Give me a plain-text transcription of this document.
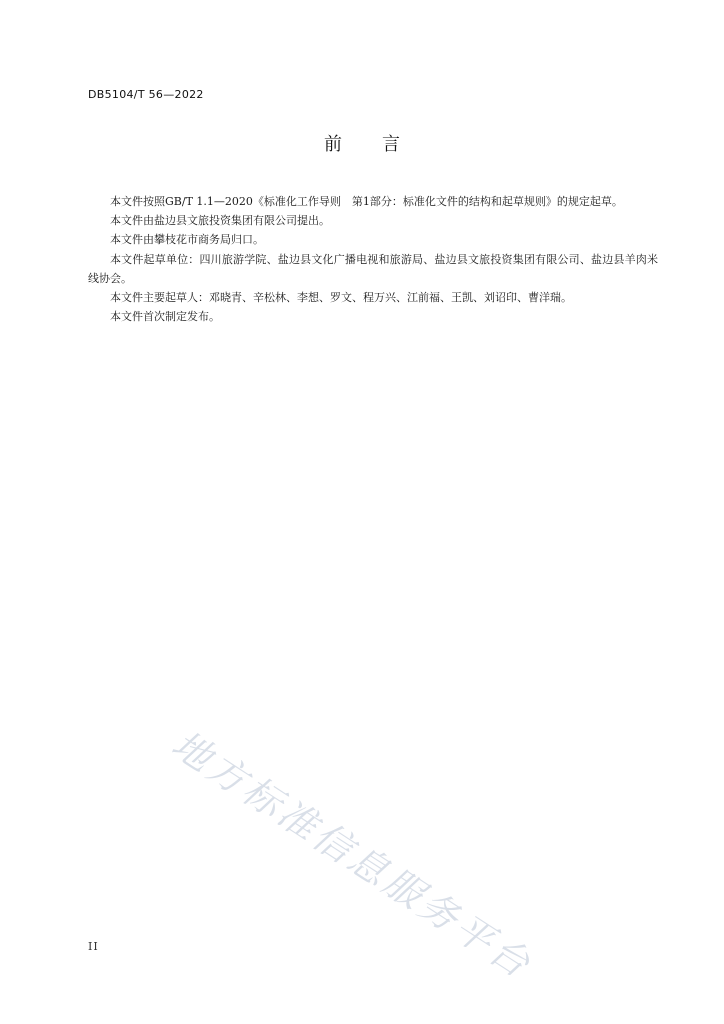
DB5104/T 56—2022
前言

本文件按照GB/T 1.1—2020《标准化工作导则　第1部分：标准化文件的结构和起草规则》的规定起草。

本文件由盐边县文旅投资集团有限公司提出。

本文件由攀枝花市商务局归口。

本文件起草单位：四川旅游学院、盐边县文化广播电视和旅游局、盐边县文旅投资集团有限公司、盐边县羊肉米线协会。

本文件主要起草人：邓晓青、辛松林、李想、罗文、程万兴、江前福、王凯、刘诏印、曹洋瑞。

本文件首次制定发布。

地方标准信息服务平台
II
